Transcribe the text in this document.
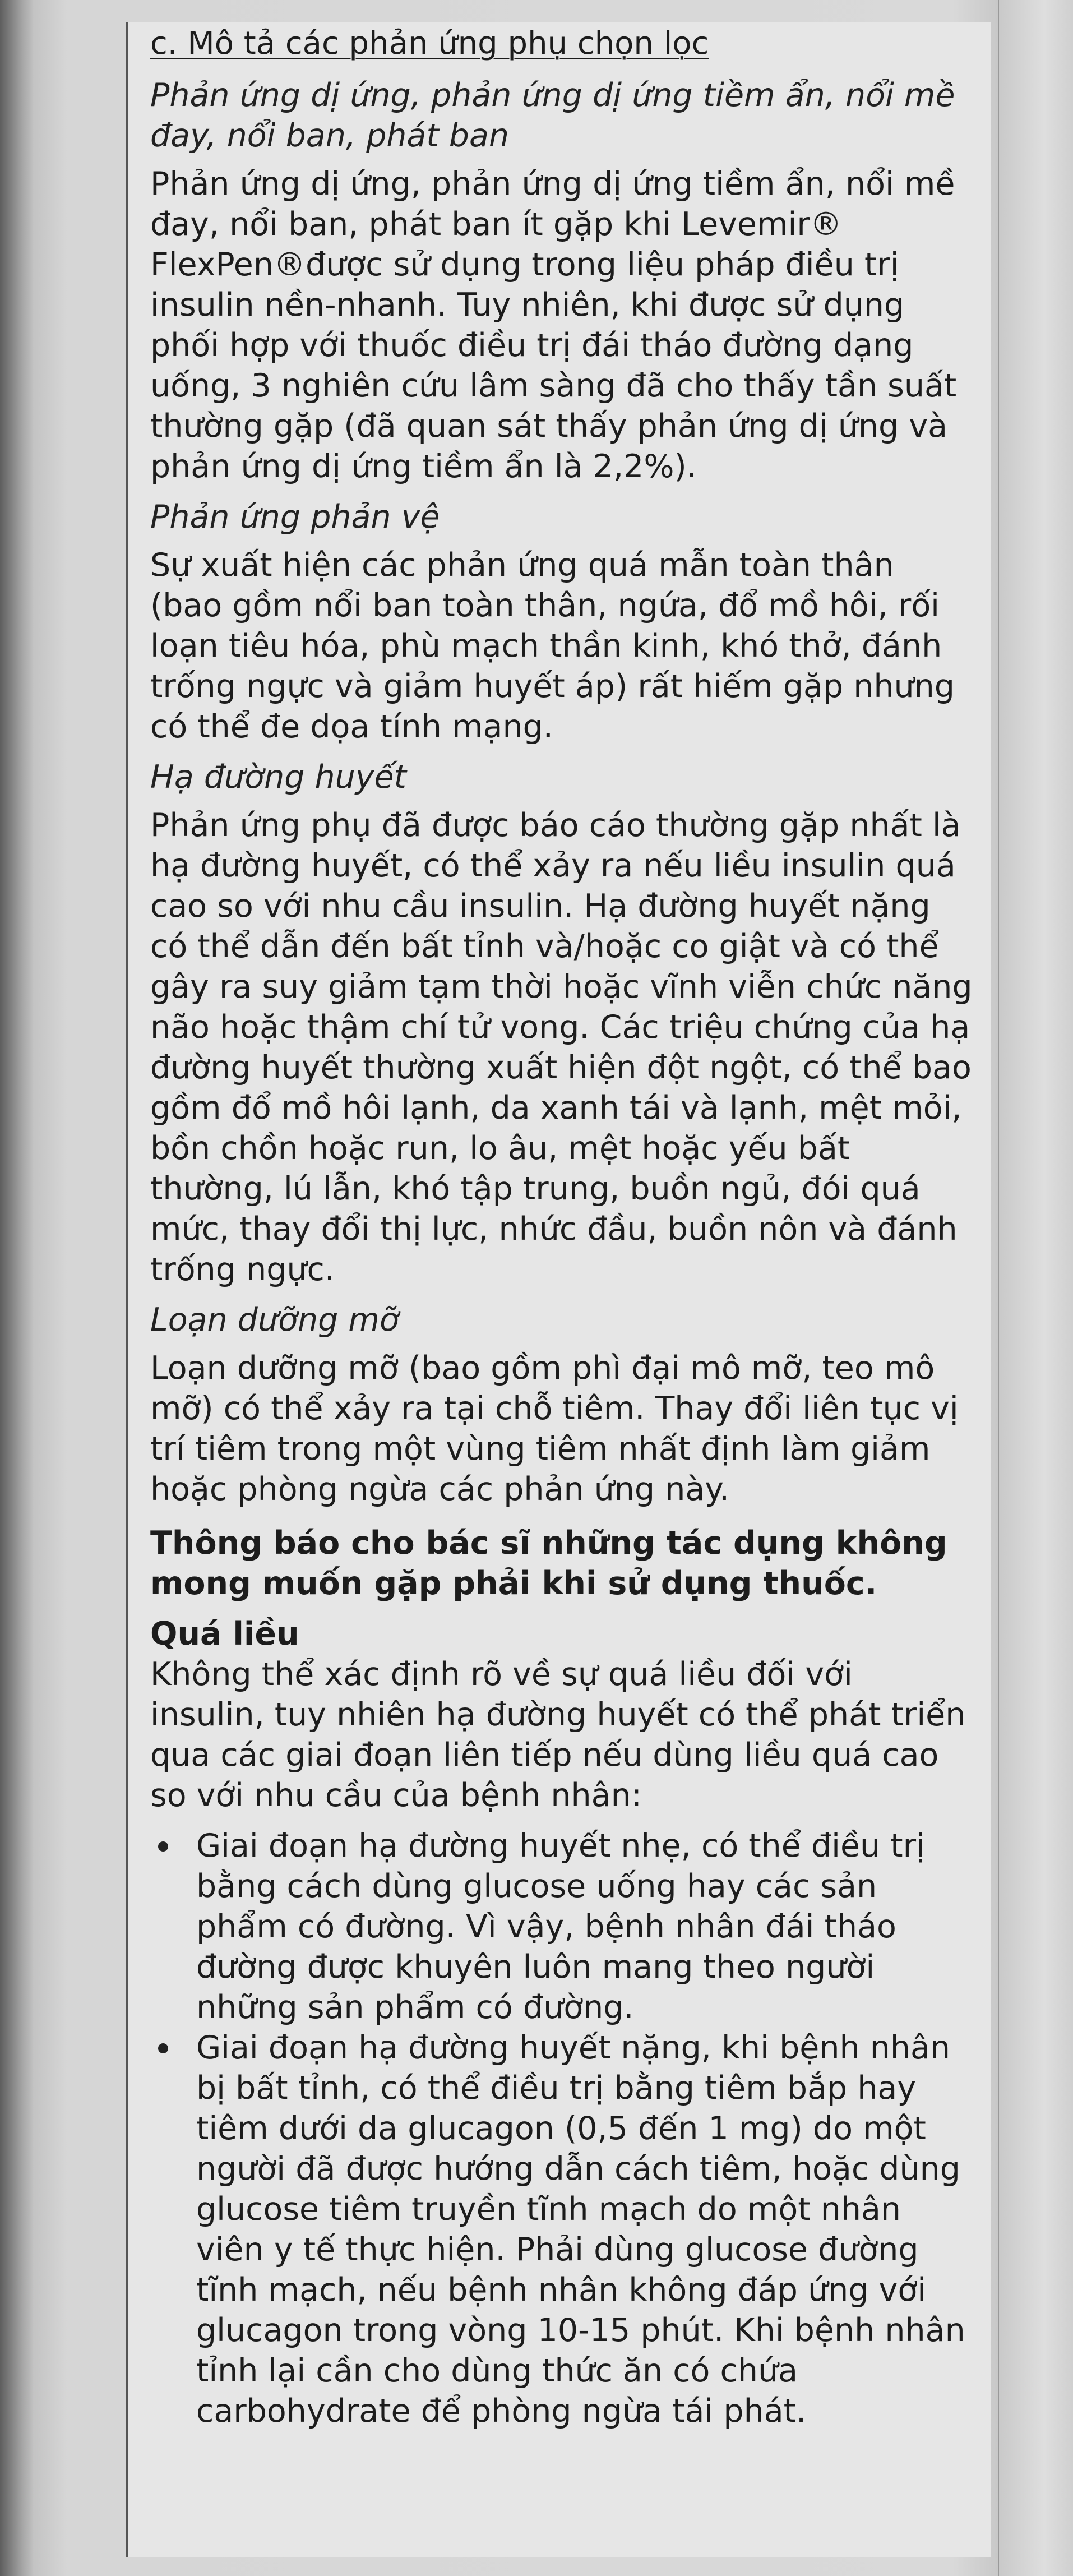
c. Mô tả các phản ứng phụ chọn lọc
Phản ứng dị ứng, phản ứng dị ứng tiềm ẩn, nổi mề đay, nổi ban, phát ban
Phản ứng dị ứng, phản ứng dị ứng tiềm ẩn, nổi mề đay, nổi ban, phát ban ít gặp khi Levemir® FlexPen®được sử dụng trong liệu pháp điều trị insulin nền-nhanh. Tuy nhiên, khi được sử dụng phối hợp với thuốc điều trị đái tháo đường dạng uống, 3 nghiên cứu lâm sàng đã cho thấy tần suất thường gặp (đã quan sát thấy phản ứng dị ứng và phản ứng dị ứng tiềm ẩn là 2,2%).
Phản ứng phản vệ
Sự xuất hiện các phản ứng quá mẫn toàn thân (bao gồm nổi ban toàn thân, ngứa, đổ mồ hôi, rối loạn tiêu hóa, phù mạch thần kinh, khó thở, đánh trống ngực và giảm huyết áp) rất hiếm gặp nhưng có thể đe dọa tính mạng.
Hạ đường huyết
Phản ứng phụ đã được báo cáo thường gặp nhất là hạ đường huyết, có thể xảy ra nếu liều insulin quá cao so với nhu cầu insulin. Hạ đường huyết nặng có thể dẫn đến bất tỉnh và/hoặc co giật và có thể gây ra suy giảm tạm thời hoặc vĩnh viễn chức năng não hoặc thậm chí tử vong. Các triệu chứng của hạ đường huyết thường xuất hiện đột ngột, có thể bao gồm đổ mồ hôi lạnh, da xanh tái và lạnh, mệt mỏi, bồn chồn hoặc run, lo âu, mệt hoặc yếu bất thường, lú lẫn, khó tập trung, buồn ngủ, đói quá mức, thay đổi thị lực, nhức đầu, buồn nôn và đánh trống ngực.
Loạn dưỡng mỡ
Loạn dưỡng mỡ (bao gồm phì đại mô mỡ, teo mô mỡ) có thể xảy ra tại chỗ tiêm. Thay đổi liên tục vị trí tiêm trong một vùng tiêm nhất định làm giảm hoặc phòng ngừa các phản ứng này.
Thông báo cho bác sĩ những tác dụng không mong muốn gặp phải khi sử dụng thuốc.
Quá liều
Không thể xác định rõ về sự quá liều đối với insulin, tuy nhiên hạ đường huyết có thể phát triển qua các giai đoạn liên tiếp nếu dùng liều quá cao so với nhu cầu của bệnh nhân:
Giai đoạn hạ đường huyết nhẹ, có thể điều trị bằng cách dùng glucose uống hay các sản phẩm có đường. Vì vậy, bệnh nhân đái tháo đường được khuyên luôn mang theo người những sản phẩm có đường.
Giai đoạn hạ đường huyết nặng, khi bệnh nhân bị bất tỉnh, có thể điều trị bằng tiêm bắp hay tiêm dưới da glucagon (0,5 đến 1 mg) do một người đã được hướng dẫn cách tiêm, hoặc dùng glucose tiêm truyền tĩnh mạch do một nhân viên y tế thực hiện. Phải dùng glucose đường tĩnh mạch, nếu bệnh nhân không đáp ứng với glucagon trong vòng 10-15 phút. Khi bệnh nhân tỉnh lại cần cho dùng thức ăn có chứa carbohydrate để phòng ngừa tái phát.
